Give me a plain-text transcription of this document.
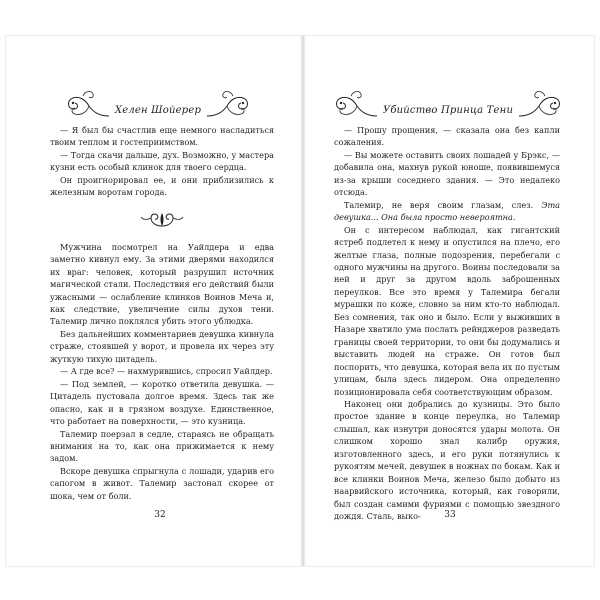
Хелен Шойерер

— Я был бы счастлив еще немного насладиться твоим теплом и гостеприимством.

— Тогда скачи дальше, дух. Возможно, у мастера кузни есть особый клинок для твоего сердца.

Он проигнорировал ее, и они приблизились к железным воротам города.

Мужчина посмотрел на Уайлдера и едва заметно кивнул ему. За этими дверями находился их враг: человек, который разрушил источник магической стали. Последствия его действий были ужасными — ослабление клинков Воинов Меча и, как следствие, увеличение силы духов тени. Талемир лично поклялся убить этого ублюдка.

Без дальнейших комментариев девушка кивнула страже, стоявшей у ворот, и провела их через эту жуткую тихую цитадель.

— А где все? — нахмурившись, спросил Уайлдер.

— Под землей, — коротко ответила девушка. — Цитадель пустовала долгое время. Здесь так же опасно, как и в грязном воздухе. Единственное, что работает на поверхности, — это кузница.

Талемир поерзал в седле, стараясь не обращать внимания на то, как она прижимается к нему задом.

Вскоре девушка спрыгнула с лошади, ударив его сапогом в живот. Талемир застонал скорее от шока, чем от боли.

32
Убийство Принца Тени

— Прошу прощения, — сказала она без капли сожаления.

— Вы можете оставить своих лошадей у Брэкс, — добавила она, махнув рукой юноше, появившемуся из-за крыши соседнего здания. — Это недалеко отсюда.

Талемир, не веря своим глазам, слез. Эта девушка... Она была просто невероятна.

Он с интересом наблюдал, как гигантский ястреб подлетел к нему и опустился на плечо, его желтые глаза, полные подозрения, перебегали с одного мужчины на другого. Воины последовали за ней и друг за другом вдоль заброшенных переулков. Все это время у Талемира бегали мурашки по коже, словно за ним кто-то наблюдал. Без сомнения, так оно и было. Если у выживших в Назаре хватило ума послать рейнджеров разведать границы своей территории, то они бы додумались и выставить людей на страже. Он готов был поспорить, что девушка, которая вела их по пустым улицам, была здесь лидером. Она определенно позиционировала себя соответствующим образом.

Наконец они добрались до кузницы. Это было простое здание в конце переулка, но Талемир слышал, как изнутри доносятся удары молота. Он слишком хорошо знал калибр оружия, изготовленного здесь, и его руки потянулись к рукоятям мечей, девушек в ножнах по бокам. Как и все клинки Воинов Меча, железо было добыто из наарвийского источника, который, как говорили, был создан самими фуриями с помощью звездного дождя. Сталь, выко-	33
